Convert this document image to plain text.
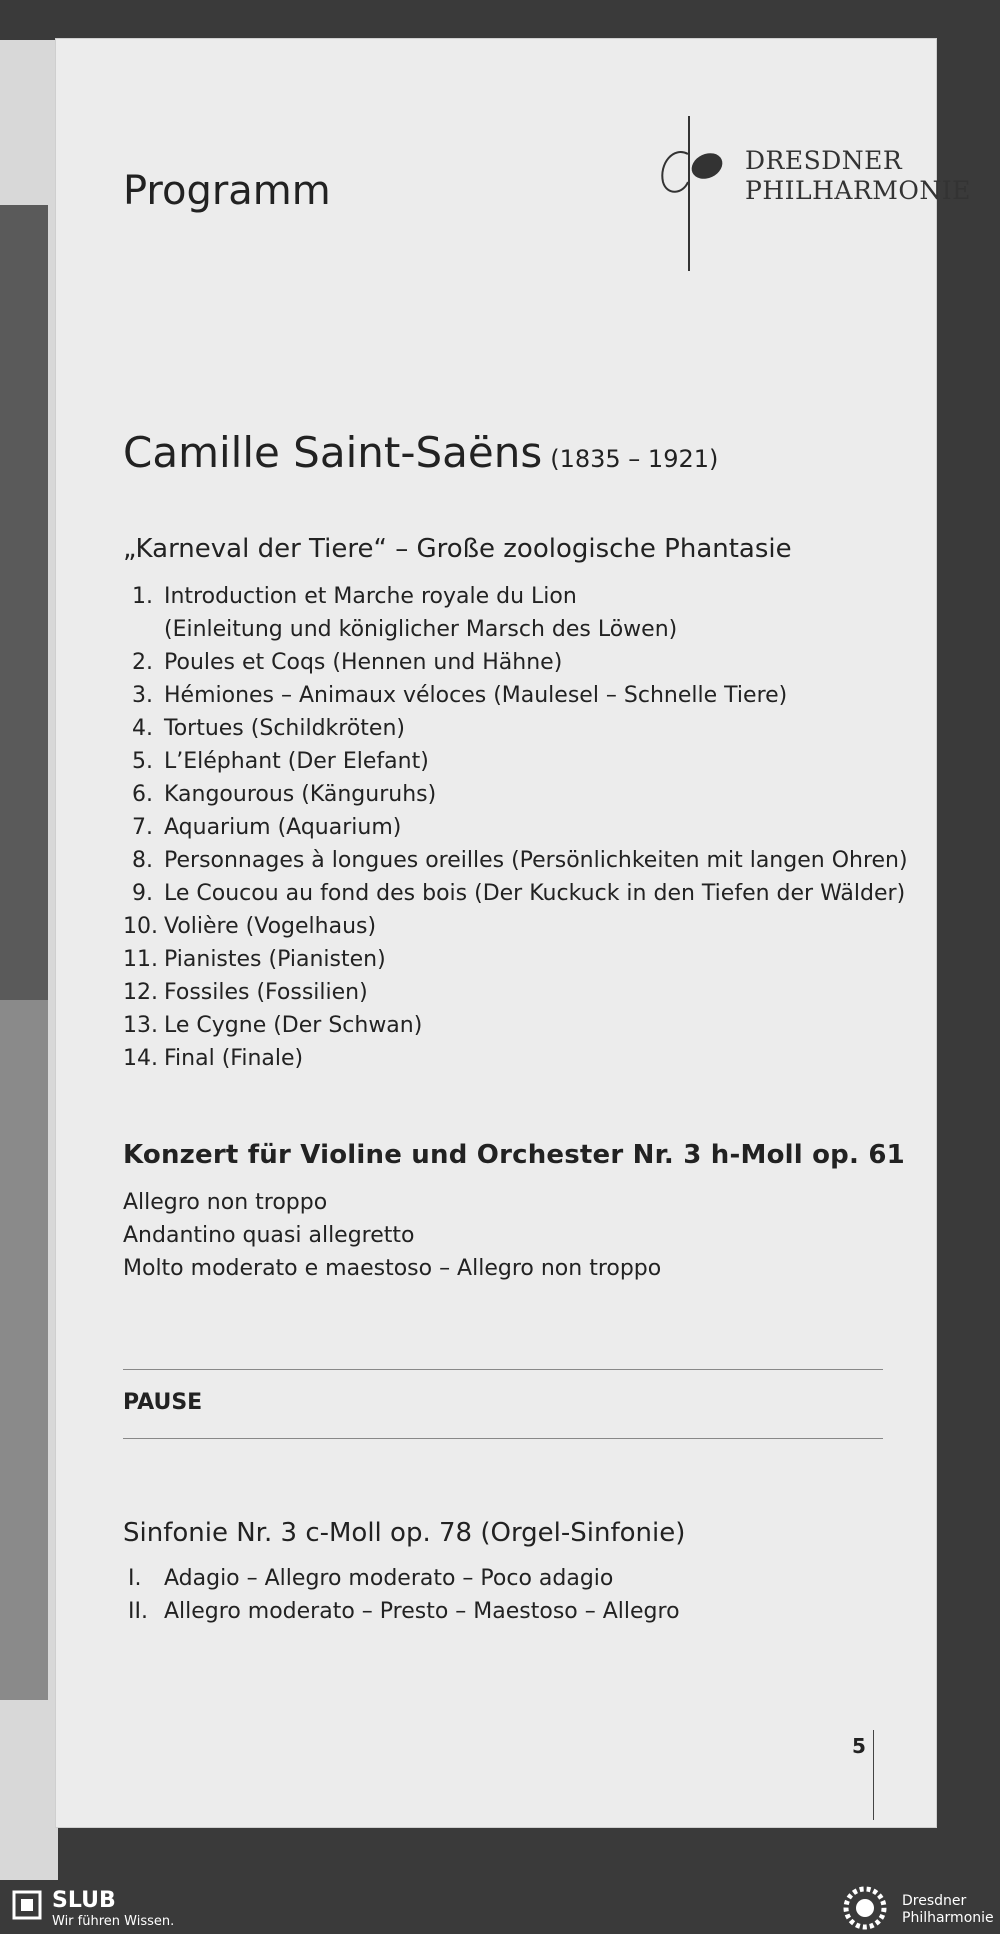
DRESDNER
PHILHARMONIE
Programm
Camille Saint-Saëns (1835 – 1921)
„Karneval der Tiere“ – Große zoologische Phantasie
1. Introduction et Marche royale du Lion
(Einleitung und königlicher Marsch des Löwen)
2. Poules et Coqs (Hennen und Hähne)
3. Hémiones – Animaux véloces (Maulesel – Schnelle Tiere)
4. Tortues (Schildkröten)
5. L’Eléphant (Der Elefant)
6. Kangourous (Känguruhs)
7. Aquarium (Aquarium)
8. Personnages à longues oreilles (Persönlichkeiten mit langen Ohren)
9. Le Coucou au fond des bois (Der Kuckuck in den Tiefen der Wälder)
10. Volière (Vogelhaus)
11. Pianistes (Pianisten)
12. Fossiles (Fossilien)
13. Le Cygne (Der Schwan)
14. Final (Finale)
Konzert für Violine und Orchester Nr. 3 h-Moll op. 61
Allegro non troppo
Andantino quasi allegretto
Molto moderato e maestoso – Allegro non troppo
PAUSE
Sinfonie Nr. 3 c-Moll op. 78 (Orgel-Sinfonie)
I. Adagio – Allegro moderato – Poco adagio
II. Allegro moderato – Presto – Maestoso – Allegro
5
SLUB
Wir führen Wissen.
Dresdner
Philharmonie
